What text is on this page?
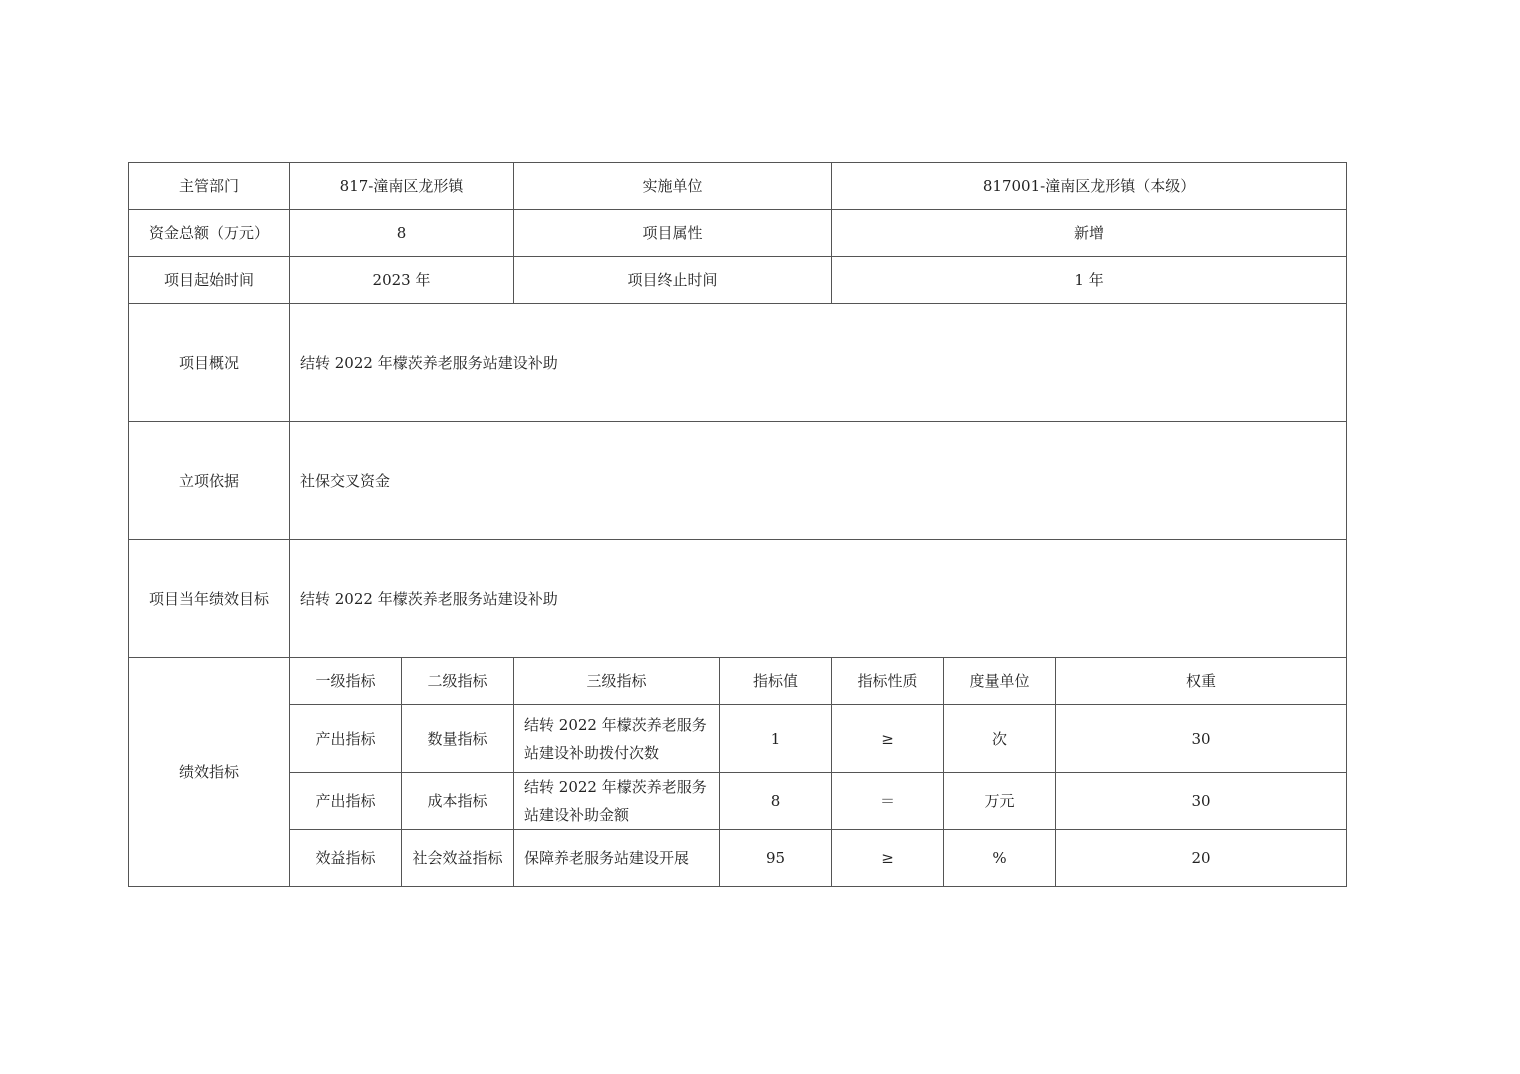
主管部门	817-潼南区龙形镇		实施单位		817001-潼南区龙形镇（本级）		
资金总额（万元）	8		项目属性		新增		
项目起始时间	2023 年		项目终止时间		1 年		
项目概况	结转 2022 年檬茨养老服务站建设补助						
立项依据	社保交叉资金						
项目当年绩效目标	结转 2022 年檬茨养老服务站建设补助						
绩效指标	一级指标	二级指标	三级指标	指标值	指标性质	度量单位	权重
	产出指标	数量指标	结转 2022 年檬茨养老服务站建设补助拨付次数	1	≥	次	30
	产出指标	成本指标	结转 2022 年檬茨养老服务站建设补助金额	8	＝	万元	30
	效益指标	社会效益指标	保障养老服务站建设开展	95	≥	%	20
